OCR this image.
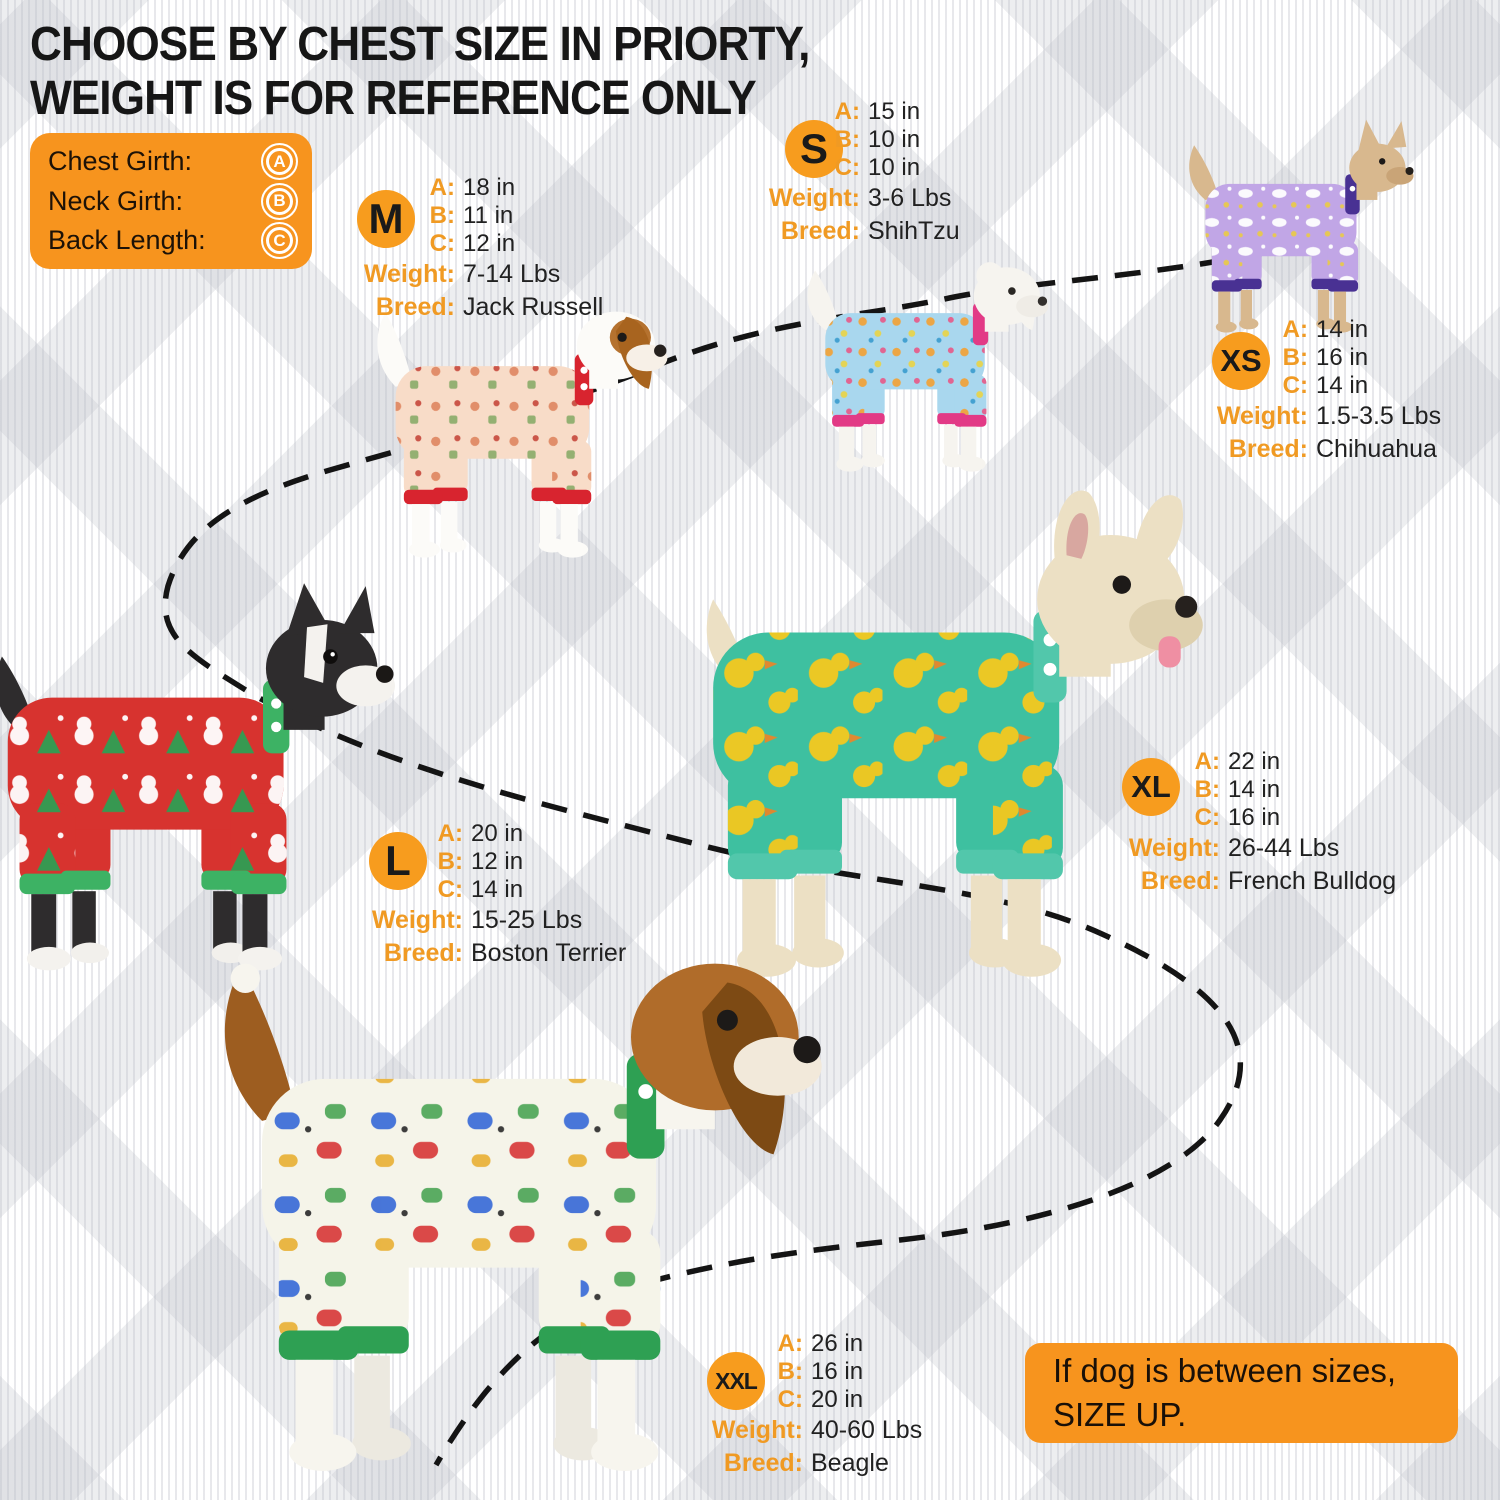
CHOOSE BY CHEST SIZE IN PRIORTY,
WEIGHT IS FOR REFERENCE ONLY
Chest Girth:	A
Neck Girth:	B
Back Length:	C M
A: 18 in
B: 11 in
C: 12 in
Weight: 7-14 Lbs
Breed: Jack Russell
S
A: 15 in
B: 10 in
C: 10 in
Weight: 3-6 Lbs
Breed: ShihTzu
XS
A: 14 in
B: 16 in
C: 14 in
Weight: 1.5-3.5 Lbs
Breed: Chihuahua
L
A: 20 in
B: 12 in
C: 14 in
Weight: 15-25 Lbs
Breed: Boston Terrier
XL
A: 22 in
B: 14 in
C: 16 in
Weight: 26-44 Lbs
Breed: French Bulldog
XXL
A: 26 in
B: 16 in
C: 20 in
Weight: 40-60 Lbs
Breed: Beagle
If dog is between sizes,
SIZE UP.
